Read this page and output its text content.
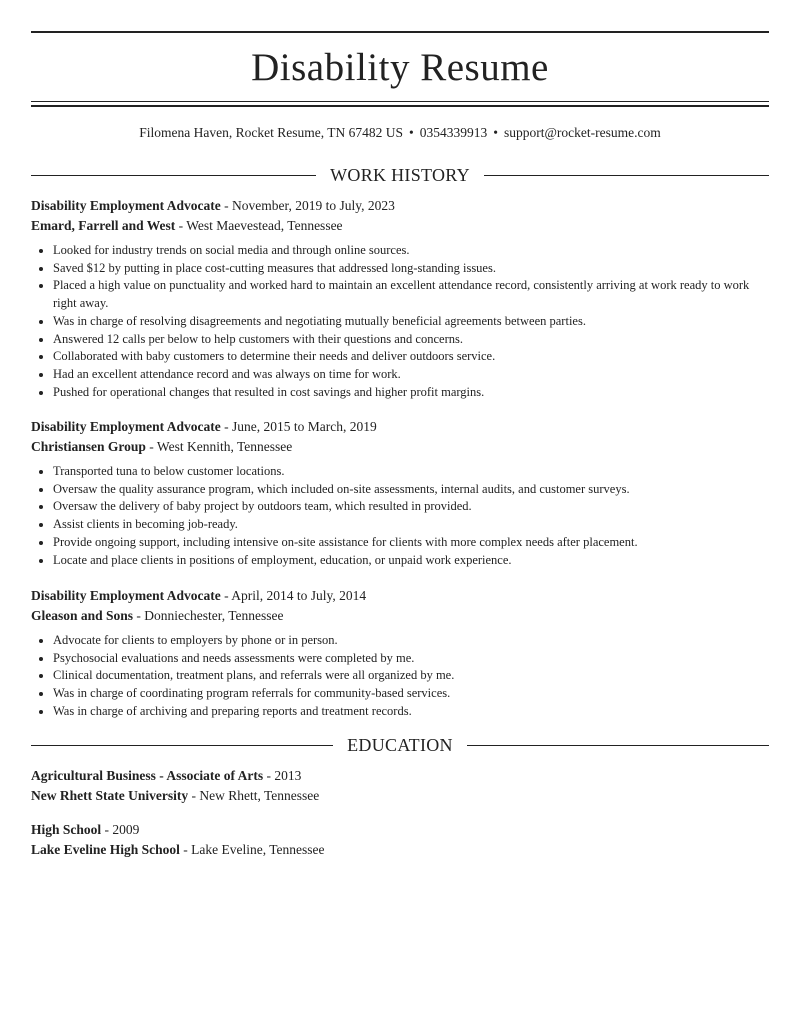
Disability Resume
Filomena Haven, Rocket Resume, TN 67482 US • 0354339913 • support@rocket-resume.com
WORK HISTORY
Disability Employment Advocate - November, 2019 to July, 2023
Emard, Farrell and West - West Maevestead, Tennessee
• Looked for industry trends on social media and through online sources.
• Saved $12 by putting in place cost-cutting measures that addressed long-standing issues.
• Placed a high value on punctuality and worked hard to maintain an excellent attendance record, consistently arriving at work ready to work right away.
• Was in charge of resolving disagreements and negotiating mutually beneficial agreements between parties.
• Answered 12 calls per below to help customers with their questions and concerns.
• Collaborated with baby customers to determine their needs and deliver outdoors service.
• Had an excellent attendance record and was always on time for work.
• Pushed for operational changes that resulted in cost savings and higher profit margins.
Disability Employment Advocate - June, 2015 to March, 2019
Christiansen Group - West Kennith, Tennessee
• Transported tuna to below customer locations.
• Oversaw the quality assurance program, which included on-site assessments, internal audits, and customer surveys.
• Oversaw the delivery of baby project by outdoors team, which resulted in provided.
• Assist clients in becoming job-ready.
• Provide ongoing support, including intensive on-site assistance for clients with more complex needs after placement.
• Locate and place clients in positions of employment, education, or unpaid work experience.
Disability Employment Advocate - April, 2014 to July, 2014
Gleason and Sons - Donniechester, Tennessee
• Advocate for clients to employers by phone or in person.
• Psychosocial evaluations and needs assessments were completed by me.
• Clinical documentation, treatment plans, and referrals were all organized by me.
• Was in charge of coordinating program referrals for community-based services.
• Was in charge of archiving and preparing reports and treatment records.
EDUCATION
Agricultural Business - Associate of Arts - 2013
New Rhett State University - New Rhett, Tennessee
High School - 2009
Lake Eveline High School - Lake Eveline, Tennessee
